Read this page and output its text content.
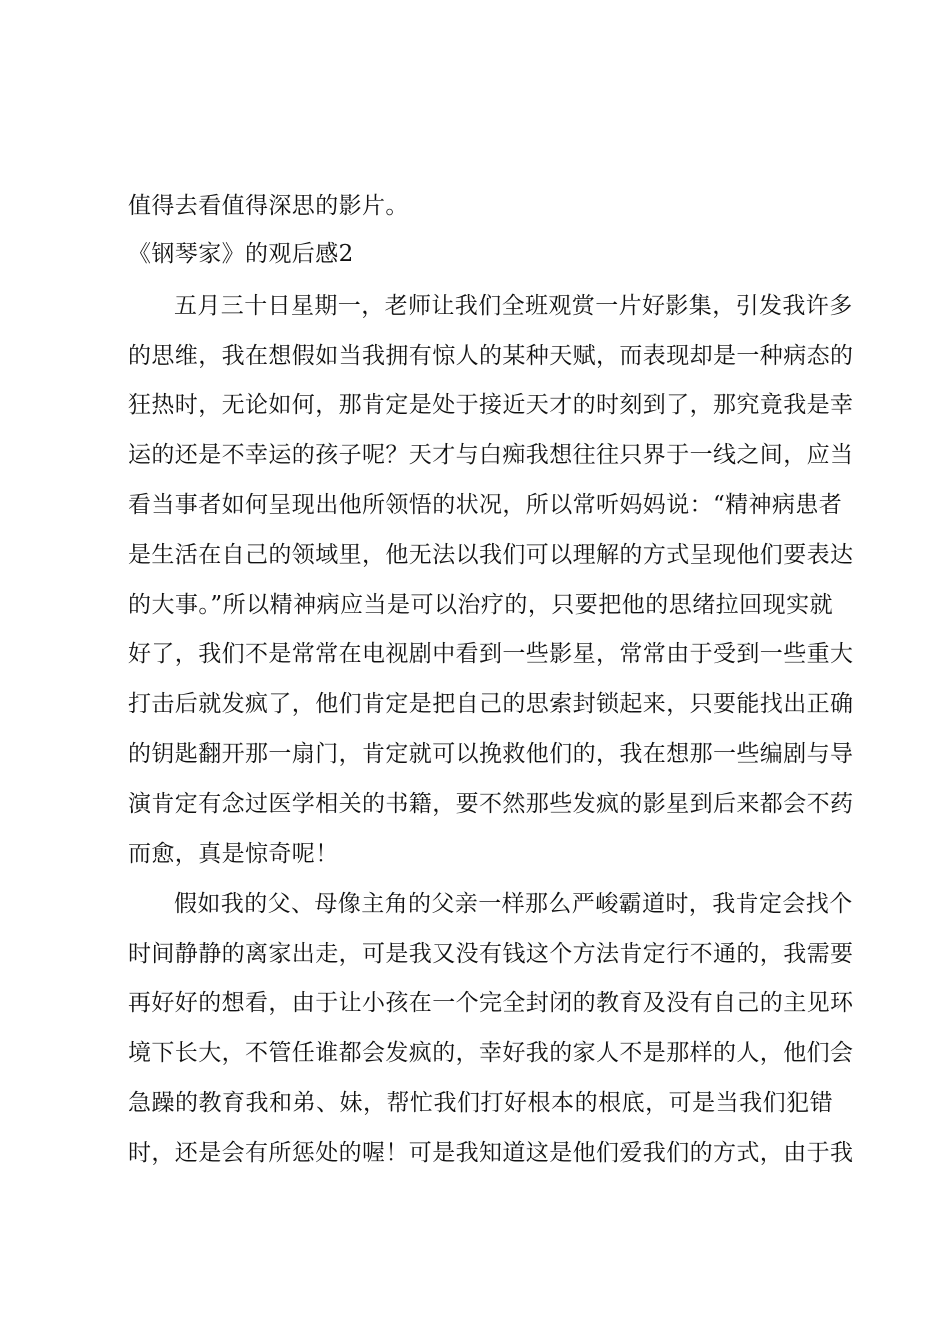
值得去看值得深思的影片。
《钢琴家》的观后感2
五月三十日星期一，老师让我们全班观赏一片好影集，引发我许多
的思维，我在想假如当我拥有惊人的某种天赋，而表现却是一种病态的
狂热时，无论如何，那肯定是处于接近天才的时刻到了，那究竟我是幸
运的还是不幸运的孩子呢？天才与白痴我想往往只界于一线之间，应当
看当事者如何呈现出他所领悟的状况，所以常听妈妈说：“精神病患者
是生活在自己的领域里，他无法以我们可以理解的方式呈现他们要表达
的大事。”所以精神病应当是可以治疗的，只要把他的思绪拉回现实就
好了，我们不是常常在电视剧中看到一些影星，常常由于受到一些重大
打击后就发疯了，他们肯定是把自己的思索封锁起来，只要能找出正确
的钥匙翻开那一扇门，肯定就可以挽救他们的，我在想那一些编剧与导
演肯定有念过医学相关的书籍，要不然那些发疯的影星到后来都会不药
而愈，真是惊奇呢！
假如我的父、母像主角的父亲一样那么严峻霸道时，我肯定会找个
时间静静的离家出走，可是我又没有钱这个方法肯定行不通的，我需要
再好好的想看，由于让小孩在一个完全封闭的教育及没有自己的主见环
境下长大，不管任谁都会发疯的，幸好我的家人不是那样的人，他们会
急躁的教育我和弟、妹，帮忙我们打好根本的根底，可是当我们犯错
时，还是会有所惩处的喔！可是我知道这是他们爱我们的方式，由于我
